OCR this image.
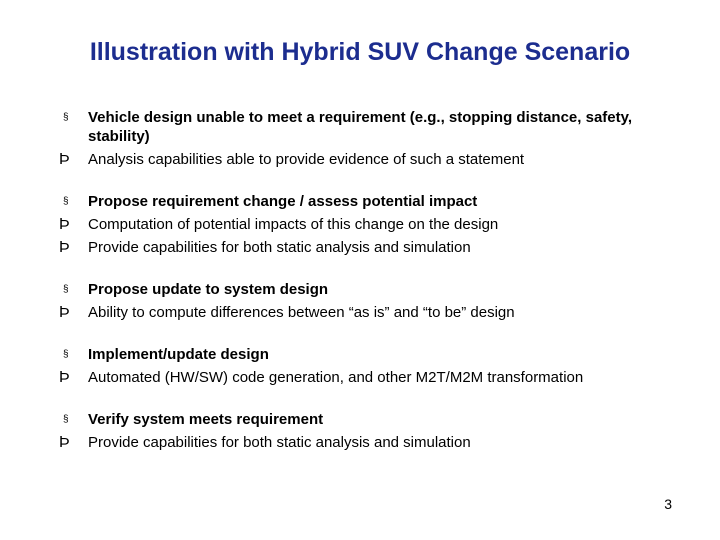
Illustration with Hybrid SUV Change Scenario
§	Vehicle design unable to meet a requirement (e.g., stopping distance, safety, stability)
Þ	Analysis capabilities able to provide evidence of such a statement
§	Propose requirement change / assess potential impact
Þ	Computation of potential impacts of this change on the design
Þ	Provide capabilities for both static analysis and simulation
§	Propose update to system design
Þ	Ability to compute differences between “as is” and “to be” design
§	Implement/update design
Þ	Automated (HW/SW) code generation, and other M2T/M2M transformation
§	Verify system meets requirement
Þ	Provide capabilities for both static analysis and simulation
3
